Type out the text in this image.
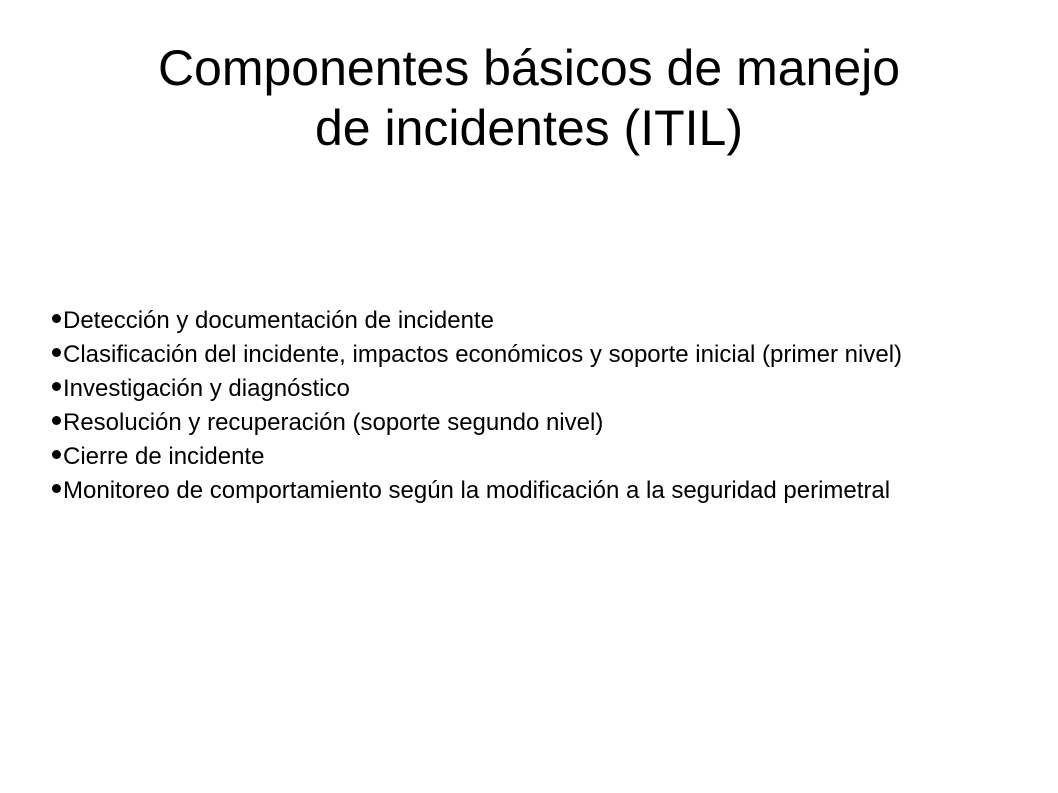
Componentes básicos de manejo
de incidentes (ITIL)
Detección y documentación de incidente
Clasificación del incidente, impactos económicos y soporte inicial (primer nivel)
Investigación y diagnóstico
Resolución y recuperación (soporte segundo nivel)
Cierre de incidente
Monitoreo de comportamiento según la modificación a la seguridad perimetral
